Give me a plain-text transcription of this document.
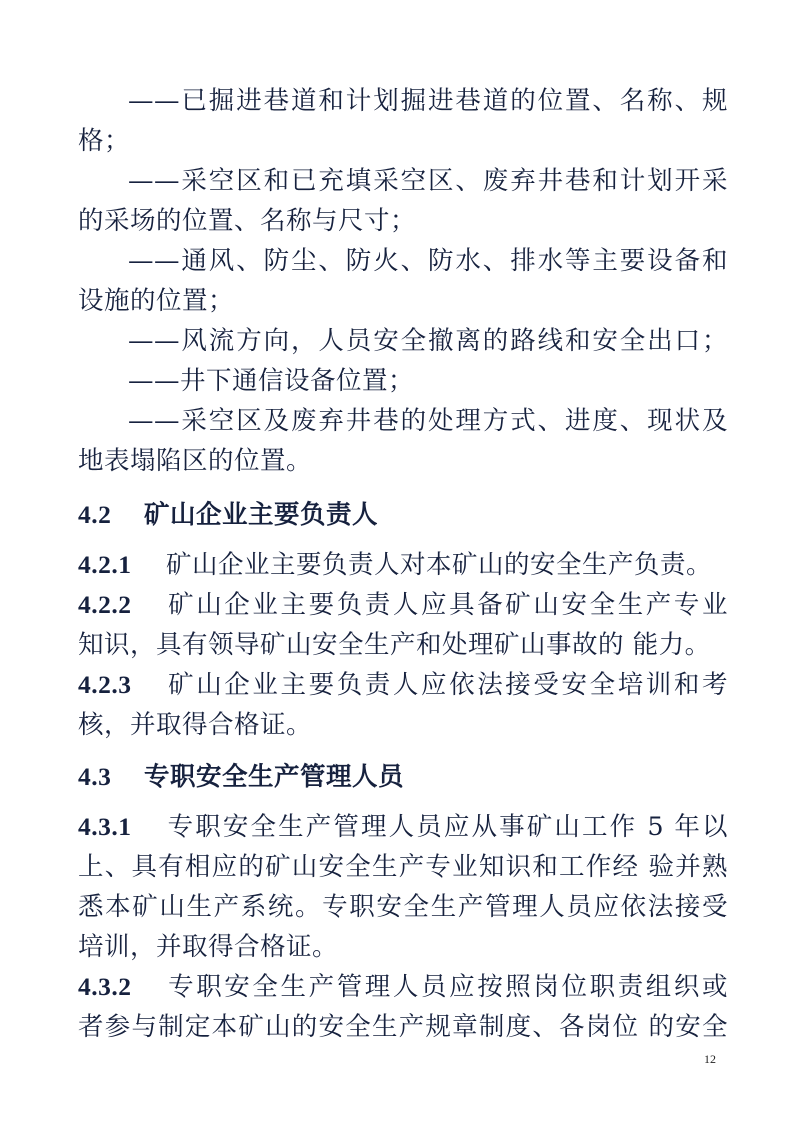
——已掘进巷道和计划掘进巷道的位置、名称、规
格；
——采空区和已充填采空区、废弃井巷和计划开采
的采场的位置、名称与尺寸；
——通风、防尘、防火、防水、排水等主要设备和
设施的位置；
——风流方向，人员安全撤离的路线和安全出口；
——井下通信设备位置；
——采空区及废弃井巷的处理方式、进度、现状及
地表塌陷区的位置。
4.2 矿山企业主要负责人
4.2.1 矿山企业主要负责人对本矿山的安全生产负责。
4.2.2 矿山企业主要负责人应具备矿山安全生产专业
知识，具有领导矿山安全生产和处理矿山事故的 能力。
4.2.3 矿山企业主要负责人应依法接受安全培训和考
核，并取得合格证。
4.3 专职安全生产管理人员
4.3.1 专职安全生产管理人员应从事矿山工作 5 年以
上、具有相应的矿山安全生产专业知识和工作经 验并熟
悉本矿山生产系统。专职安全生产管理人员应依法接受
培训，并取得合格证。
4.3.2 专职安全生产管理人员应按照岗位职责组织或
者参与制定本矿山的安全生产规章制度、各岗位 的安全
12
